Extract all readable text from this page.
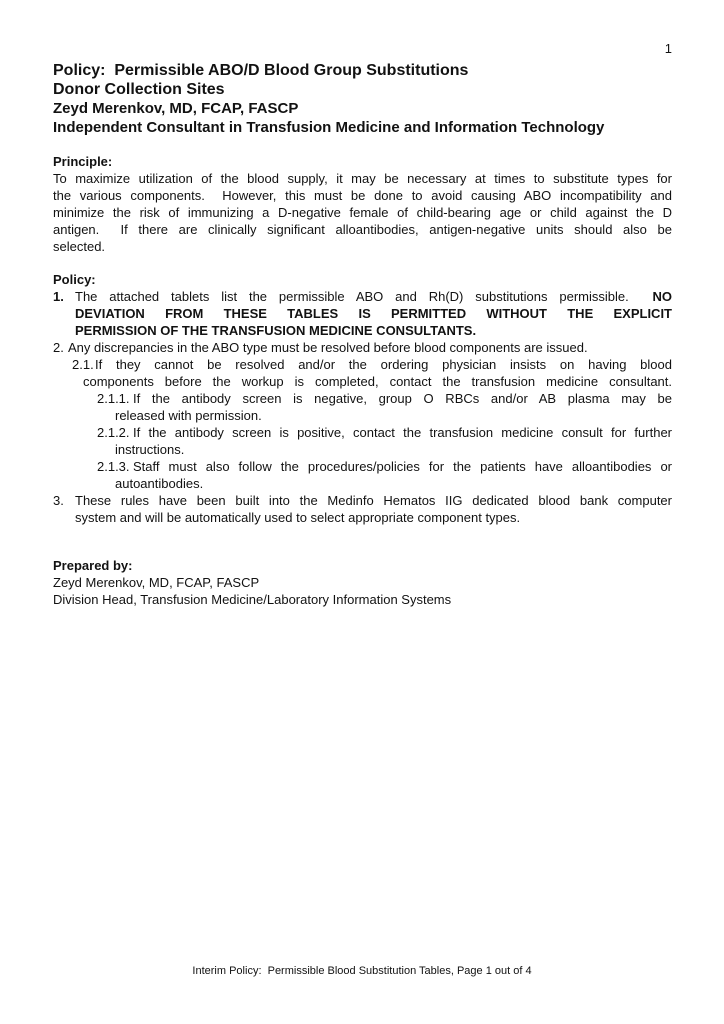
1
Policy:  Permissible ABO/D Blood Group Substitutions
Donor Collection Sites
Zeyd Merenkov, MD, FCAP, FASCP
Independent Consultant in Transfusion Medicine and Information Technology
Principle:
To maximize utilization of the blood supply, it may be necessary at times to substitute types for
the various components.  However, this must be done to avoid causing ABO incompatibility and
minimize the risk of immunizing a D-negative female of child-bearing age or child against the D
antigen.  If there are clinically significant alloantibodies, antigen-negative units should also be
selected.
Policy:
1. The attached tablets list the permissible ABO and Rh(D) substitutions permissible.  NO
DEVIATION FROM THESE TABLES IS PERMITTED WITHOUT THE EXPLICIT
PERMISSION OF THE TRANSFUSION MEDICINE CONSULTANTS.
2. Any discrepancies in the ABO type must be resolved before blood components are issued.
2.1.If they cannot be resolved and/or the ordering physician insists on having blood
components before the workup is completed, contact the transfusion medicine consultant.
2.1.1. If the antibody screen is negative, group O RBCs and/or AB plasma may be
released with permission.
2.1.2. If the antibody screen is positive, contact the transfusion medicine consult for further
instructions.
2.1.3. Staff must also follow the procedures/policies for the patients have alloantibodies or
autoantibodies.
3. These rules have been built into the Medinfo Hematos IIG dedicated blood bank computer
system and will be automatically used to select appropriate component types.
Prepared by:
Zeyd Merenkov, MD, FCAP, FASCP
Division Head, Transfusion Medicine/Laboratory Information Systems
Interim Policy:  Permissible Blood Substitution Tables, Page 1 out of 4
